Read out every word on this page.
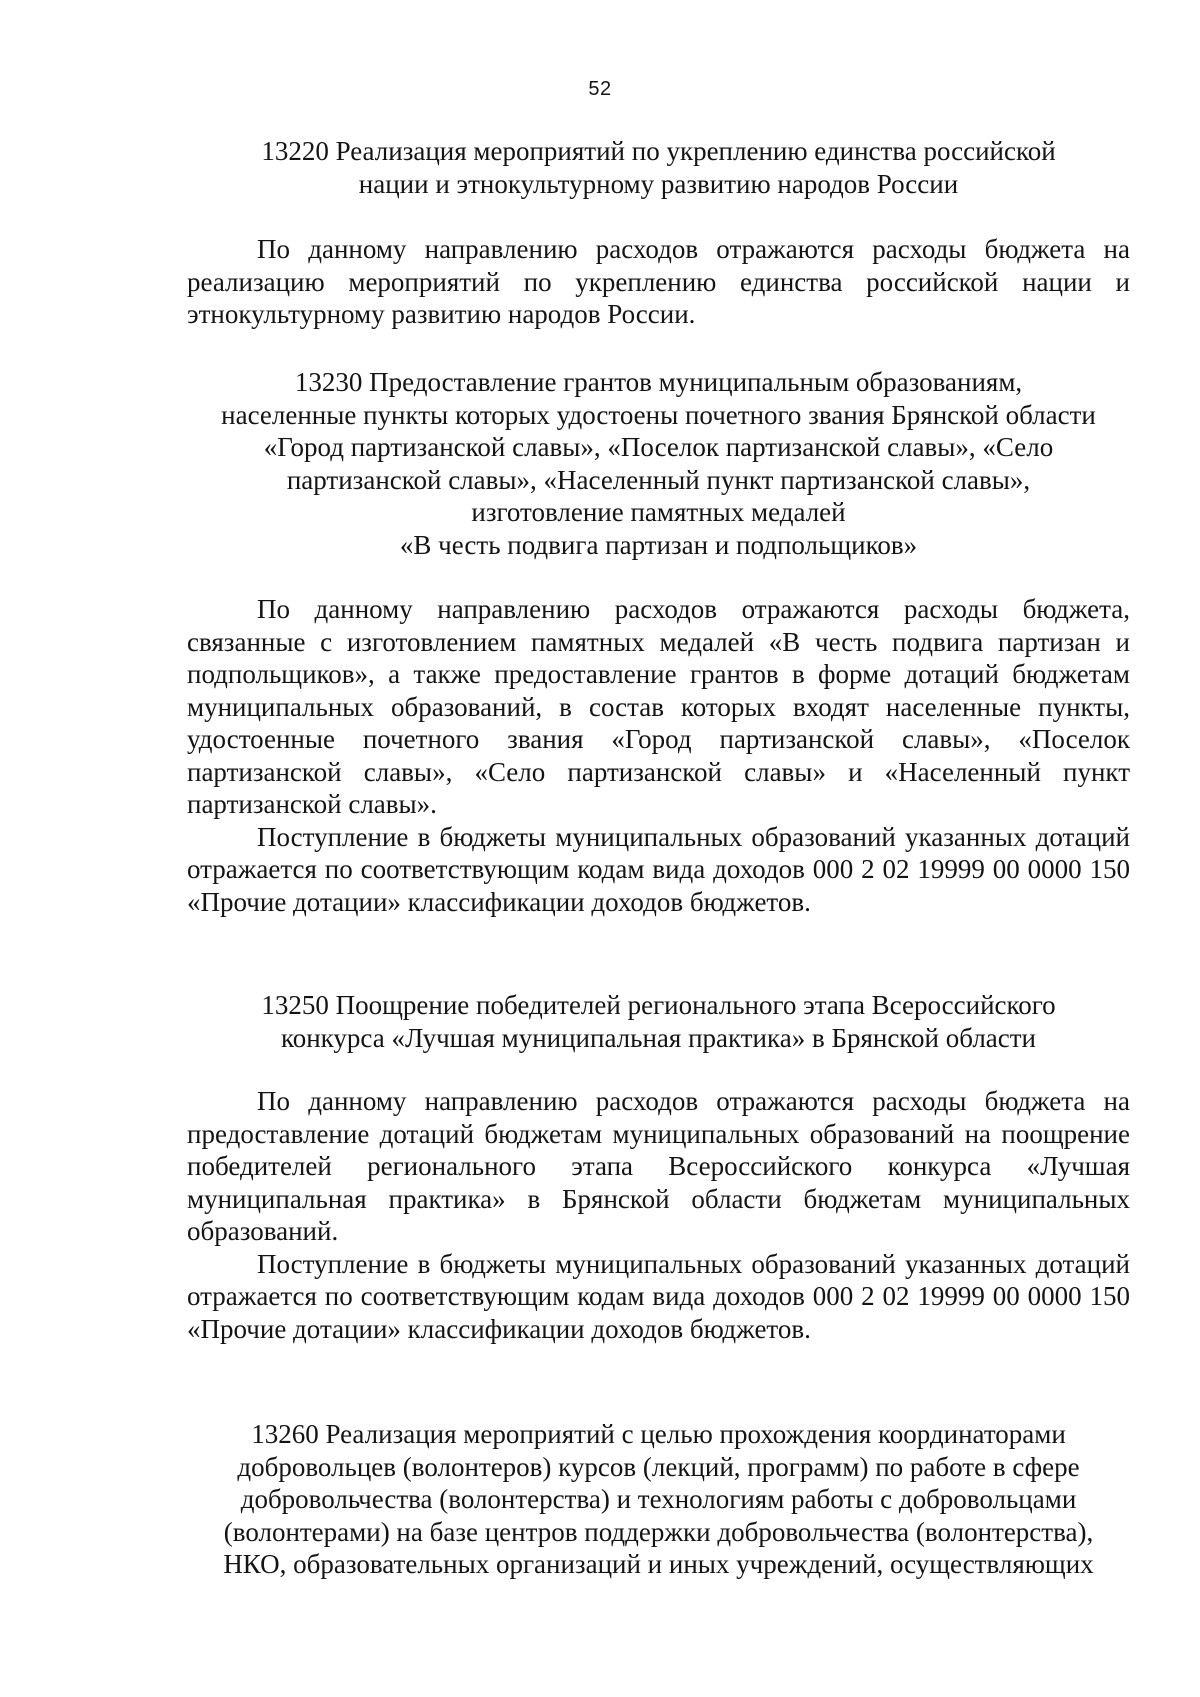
52
13220 Реализация мероприятий по укреплению единства российской
нации и этнокультурному развитию народов России

По данному направлению расходов отражаются расходы бюджета на реализацию мероприятий по укреплению единства российской нации и этнокультурному развитию народов России.

13230 Предоставление грантов муниципальным образованиям,
населенные пункты которых удостоены почетного звания Брянской области
«Город партизанской славы», «Поселок партизанской славы», «Село
партизанской славы», «Населенный пункт партизанской славы»,
изготовление памятных медалей
«В честь подвига партизан и подпольщиков»

По данному направлению расходов отражаются расходы бюджета, связанные с изготовлением памятных медалей «В честь подвига партизан и подпольщиков», а также предоставление грантов в форме дотаций бюджетам муниципальных образований, в состав которых входят населенные пункты, удостоенные почетного звания «Город партизанской славы», «Поселок партизанской славы», «Село партизанской славы» и «Населенный пункт партизанской славы».

Поступление в бюджеты муниципальных образований указанных дотаций отражается по соответствующим кодам вида доходов 000 2 02 19999 00 0000 150 «Прочие дотации» классификации доходов бюджетов.

13250 Поощрение победителей регионального этапа Всероссийского
конкурса «Лучшая муниципальная практика» в Брянской области

По данному направлению расходов отражаются расходы бюджета на предоставление дотаций бюджетам муниципальных образований на поощрение победителей регионального этапа Всероссийского конкурса «Лучшая муниципальная практика» в Брянской области бюджетам муниципальных образований.

Поступление в бюджеты муниципальных образований указанных дотаций отражается по соответствующим кодам вида доходов 000 2 02 19999 00 0000 150 «Прочие дотации» классификации доходов бюджетов.

13260 Реализация мероприятий с целью прохождения координаторами
добровольцев (волонтеров) курсов (лекций, программ) по работе в сфере
добровольчества (волонтерства) и технологиям работы с добровольцами
(волонтерами) на базе центров поддержки добровольчества (волонтерства),
НКО, образовательных организаций и иных учреждений, осуществляющих
